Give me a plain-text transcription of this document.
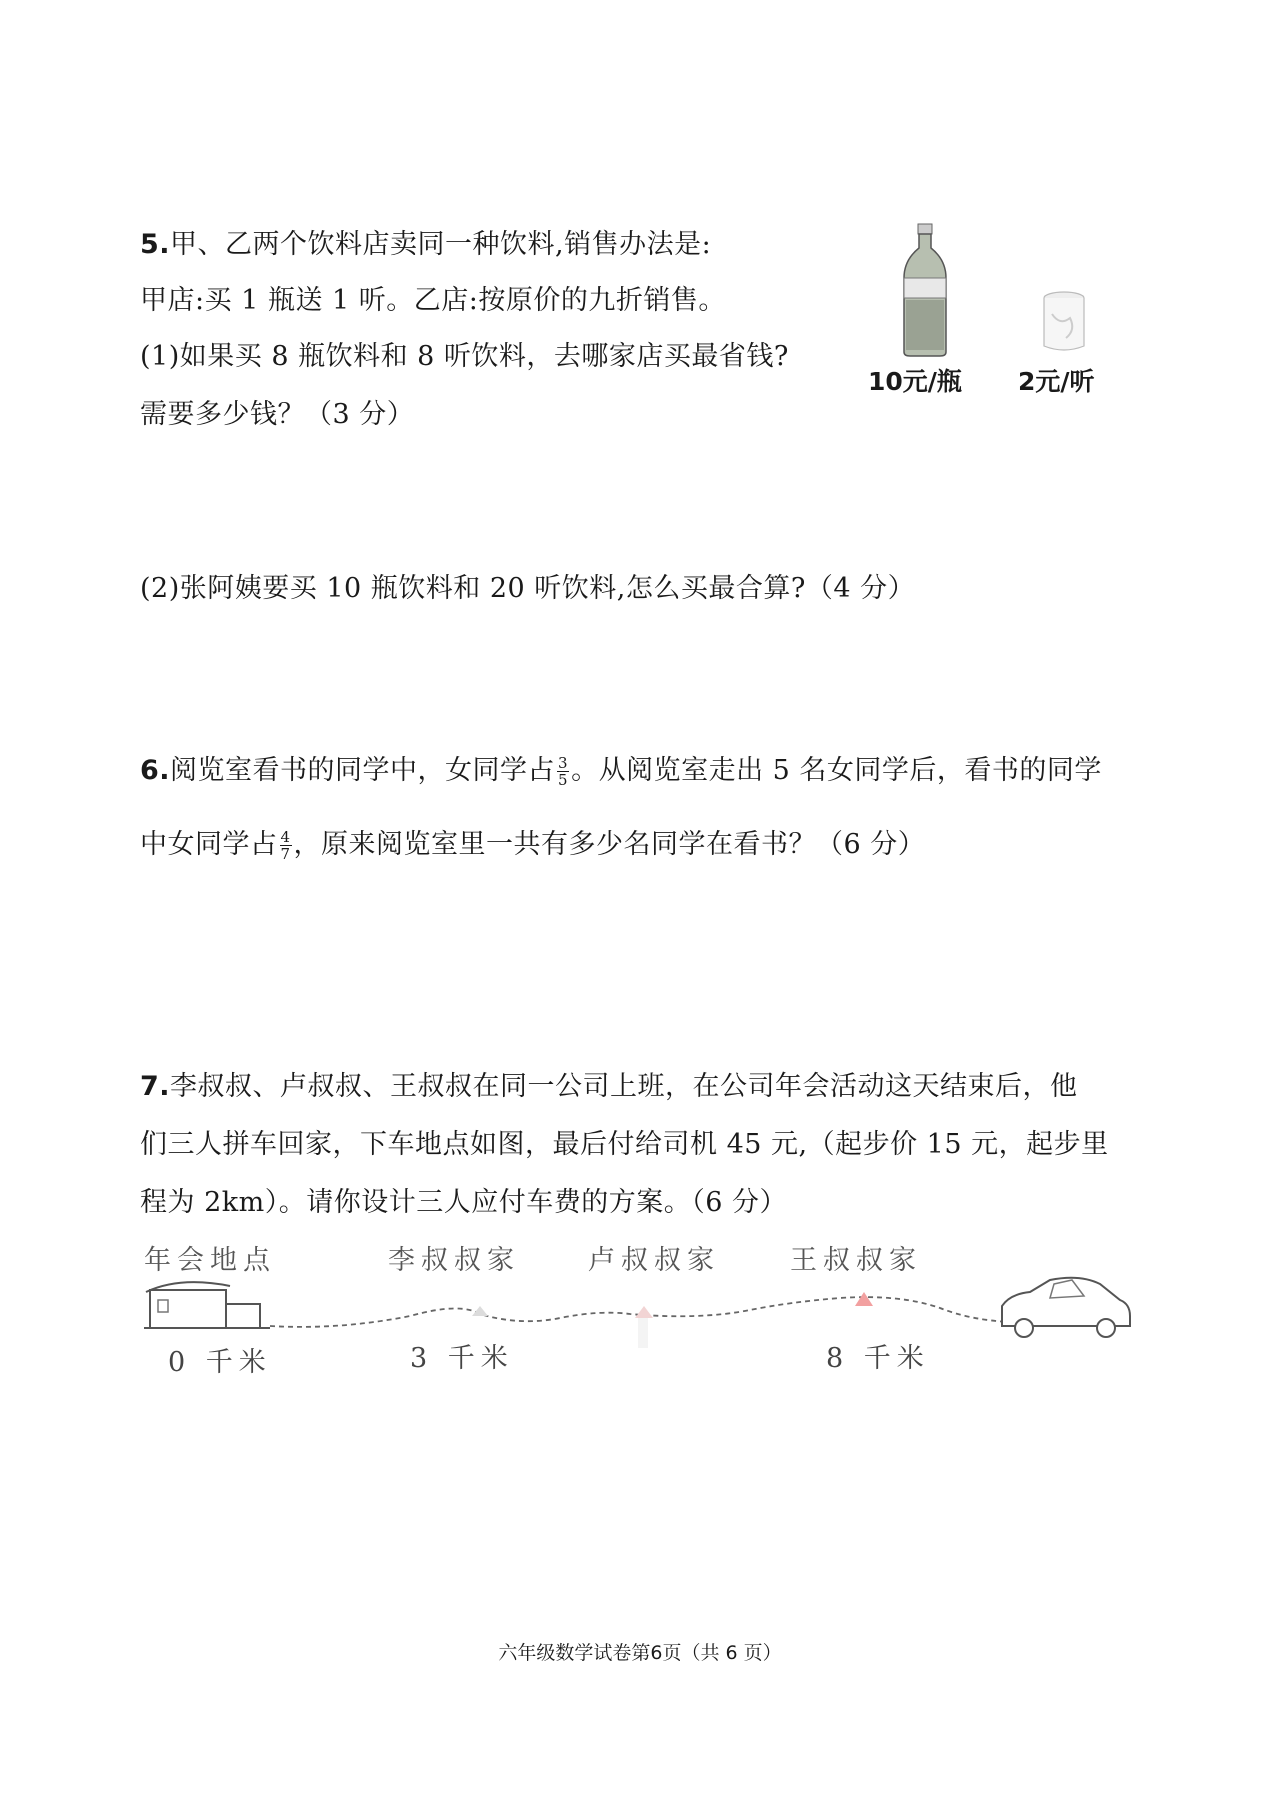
5.甲、乙两个饮料店卖同一种饮料,销售办法是:
甲店:买 1 瓶送 1 听。乙店:按原价的九折销售。
(1)如果买 8 瓶饮料和 8 听饮料，去哪家店买最省钱?
需要多少钱？（3 分）
(2)张阿姨要买 10 瓶饮料和 20 听饮料,怎么买最合算?（4 分）
10元/瓶 2元/听
6.阅览室看书的同学中，女同学占 $\frac{3}{5}$ 。从阅览室走出 5 名女同学后，看书的同学
中女同学占 $\frac{4}{7}$ ，原来阅览室里一共有多少名同学在看书？（6 分）
7.李叔叔、卢叔叔、王叔叔在同一公司上班，在公司年会活动这天结束后，他
们三人拼车回家，下车地点如图，最后付给司机 45 元,（起步价 15 元，起步里
程为 2km）。请你设计三人应付车费的方案。（6 分）
年会地点	李叔叔家	卢叔叔家	王叔叔家
0 千米	3 千米	8 千米
六年级数学试卷第6页（共 6 页）
